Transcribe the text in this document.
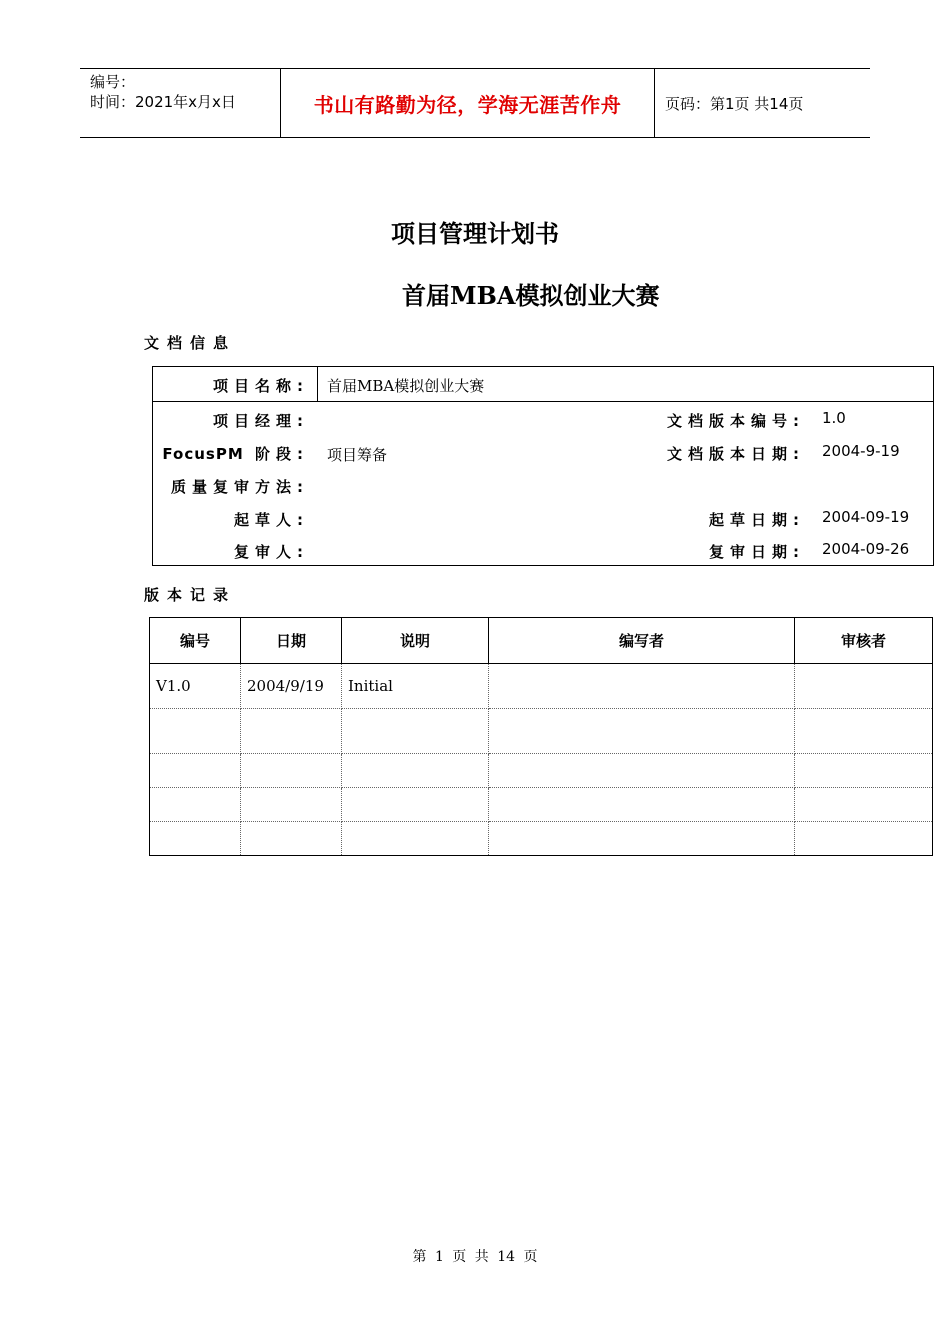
编号：
时间：2021年x月x日	书山有路勤为径，学海无涯苦作舟	页码：第1页 共14页
项目管理计划书
首届MBA模拟创业大赛
文档信息
项目名称: 首届MBA模拟创业大赛
项目经理:	文档版本编号: 1.0
FocusPM 阶段: 项目筹备	文档版本日期: 2004-9-19
质量复审方法:
起草人:	起草日期: 2004-09-19
复审人:	复审日期: 2004-09-26
版本记录
编号	日期	说明	编写者	审核者
V1.0	2004/9/19	Initial		

第 1 页 共 14 页
